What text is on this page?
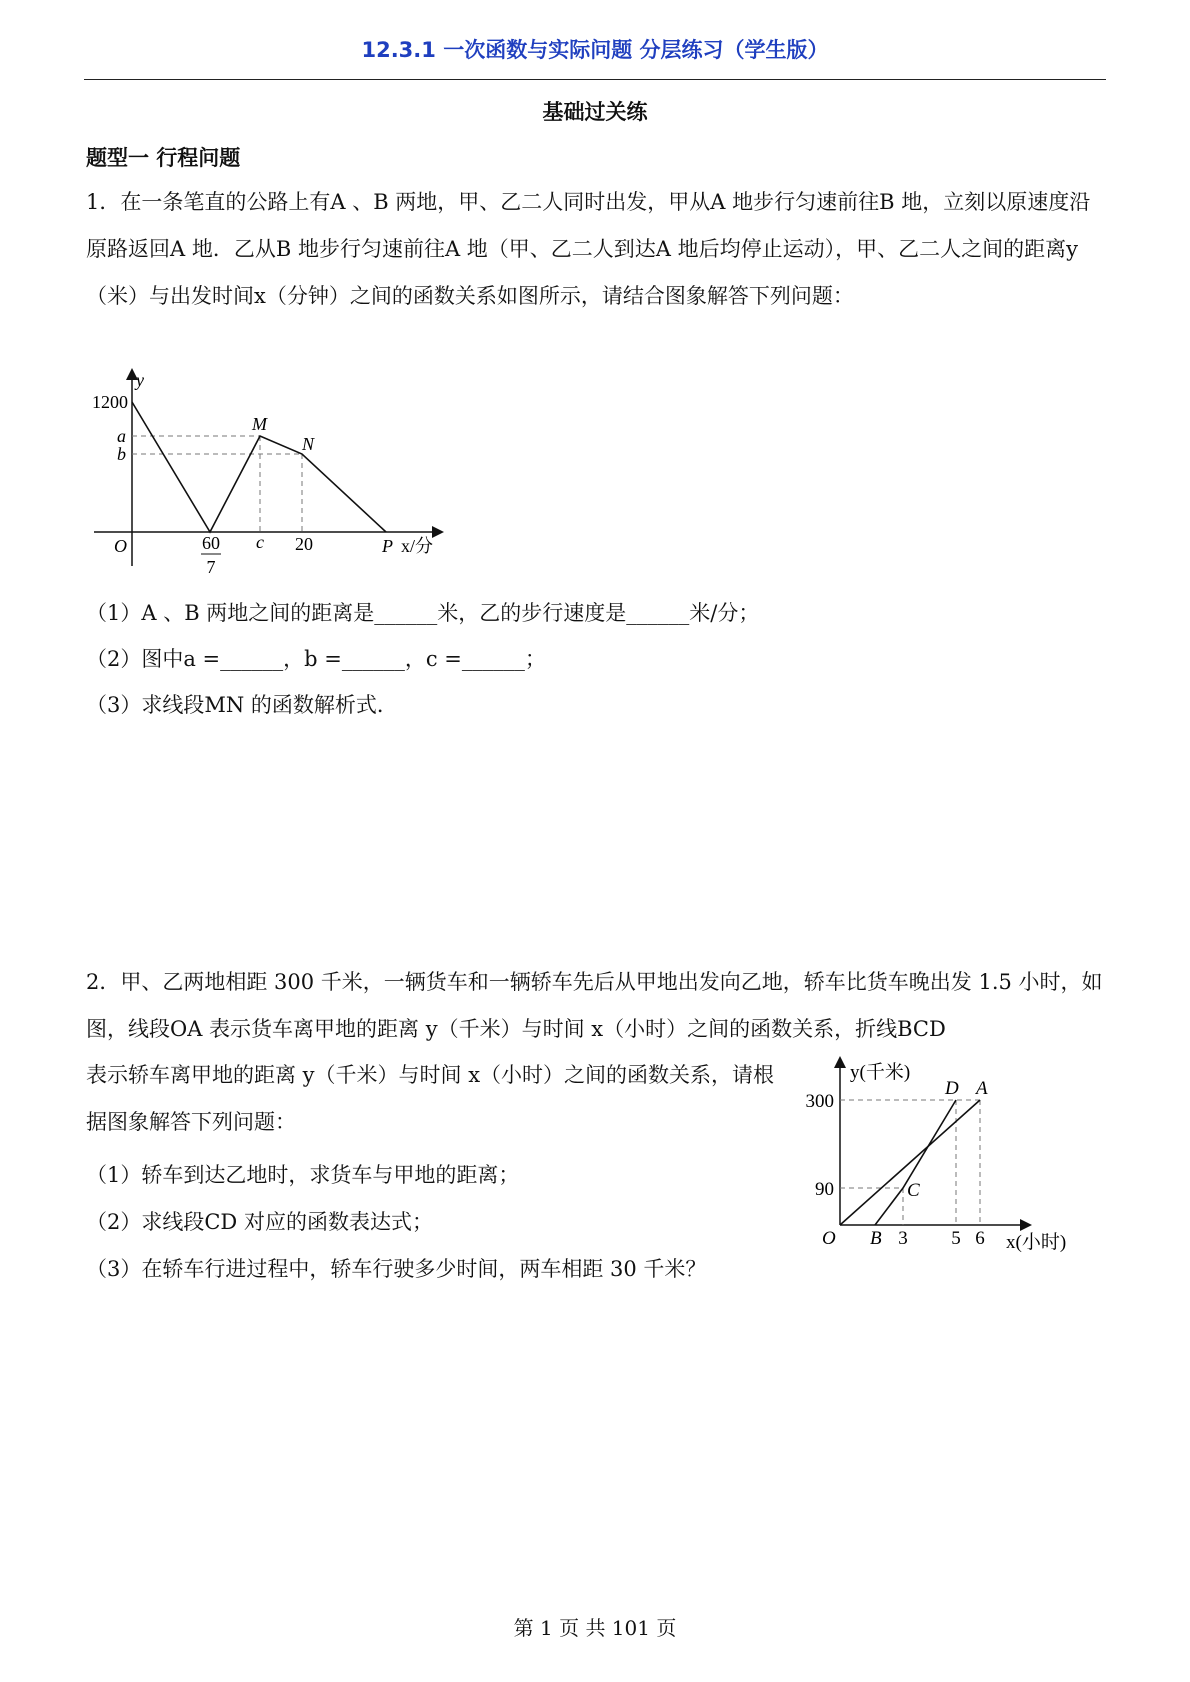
12.3.1 一次函数与实际问题 分层练习（学生版）
基础过关练
题型一 行程问题
1．在一条笔直的公路上有A 、B 两地，甲、乙二人同时出发，甲从A 地步行匀速前往B 地，立刻以原速度沿原路返回A 地．乙从B 地步行匀速前往A 地（甲、乙二人到达A 地后均停止运动），甲、乙二人之间的距离y（米）与出发时间x（分钟）之间的函数关系如图所示，请结合图象解答下列问题：
y
1200
a
b
O	60
7
c 20
M
N
P x/分
（1）A 、B 两地之间的距离是______米，乙的步行速度是______米/分；
（2）图中a =______，b =______，c =______；
（3）求线段MN 的函数解析式．
2．甲、乙两地相距 300 千米，一辆货车和一辆轿车先后从甲地出发向乙地，轿车比货车晚出发 1.5 小时，如图，线段OA 表示货车离甲地的距离 y（千米）与时间 x（小时）之间的函数关系，折线BCD
表示轿车离甲地的距离 y（千米）与时间 x（小时）之间的函数关系，请根据图象解答下列问题：
（1）轿车到达乙地时，求货车与甲地的距离；
（2）求线段CD 对应的函数表达式；
（3）在轿车行进过程中，轿车行驶多少时间，两车相距 30 千米？
y(千米)
300
90
O B 3 5 6
C
D A
x(小时)
第 1 页 共 101 页
